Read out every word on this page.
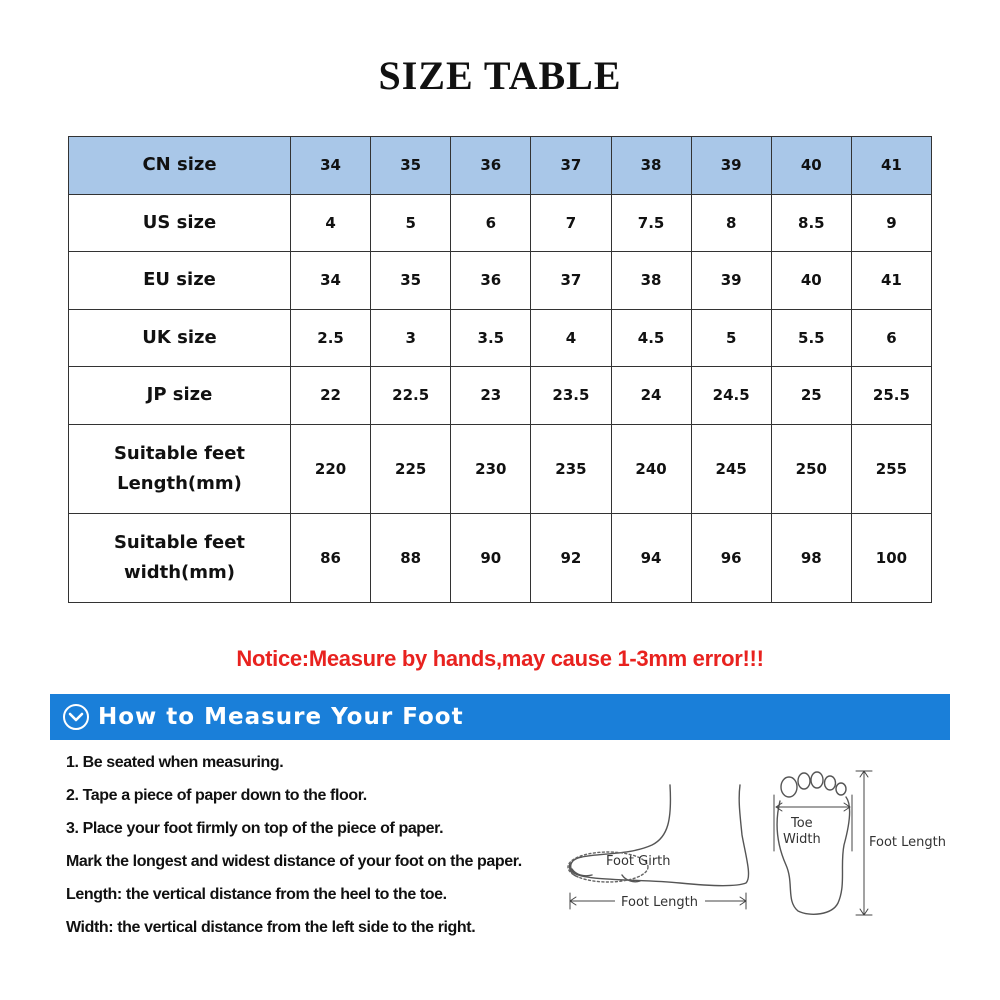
SIZE TABLE
CN size	34	35	36	37	38	39	40	41
US size	4	5	6	7	7.5	8	8.5	9
EU size	34	35	36	37	38	39	40	41
UK size	2.5	3	3.5	4	4.5	5	5.5	6
JP size	22	22.5	23	23.5	24	24.5	25	25.5

Suitable feet
Length(mm)	220	225	230	235	240	245	250	255

Suitable feet
width(mm)	86	88	90	92	94	96	98	100
Notice:Measure by hands,may cause 1-3mm error!!!
How to Measure Your Foot
1. Be seated when measuring.
2. Tape a piece of paper down to the floor.
3. Place your foot firmly on top of the piece of paper.
Mark the longest and widest distance of your foot on the paper.
Length: the vertical distance from the heel to the toe.
Width: the vertical distance from the left side to the right.
Foot Girth
Foot Length
Toe
Width	Foot Length
